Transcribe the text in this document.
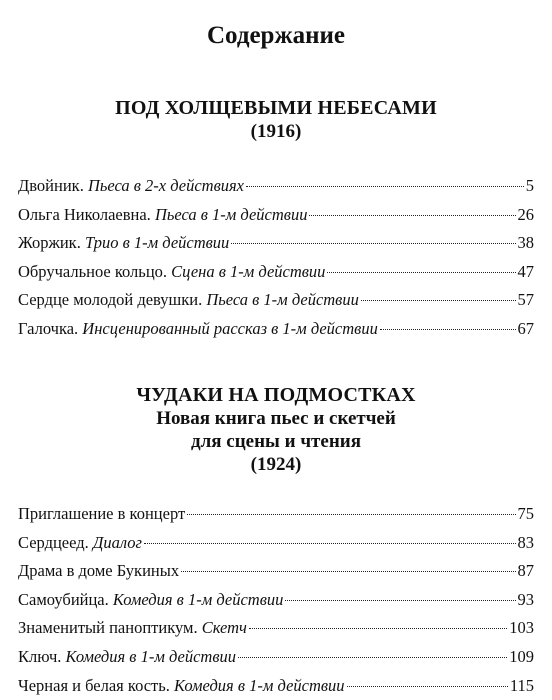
Содержание
ПОД ХОЛЩЕВЫМИ НЕБЕСАМИ
(1916)
Двойник. Пьеса в 2-х действиях	5
Ольга Николаевна. Пьеса в 1-м действии	26
Жоржик. Трио в 1-м действии	38
Обручальное кольцо. Сцена в 1-м действии	47
Сердце молодой девушки. Пьеса в 1-м действии	57
Галочка. Инсценированный рассказ в 1-м действии	67
ЧУДАКИ НА ПОДМОСТКАХ
Новая книга пьес и скетчей
для сцены и чтения
(1924)
Приглашение в концерт	75
Сердцеед. Диалог	83
Драма в доме Букиных	87
Самоубийца. Комедия в 1-м действии	93
Знаменитый паноптикум. Скетч	103
Ключ. Комедия в 1-м действии	109
Черная и белая кость. Комедия в 1-м действии	115
